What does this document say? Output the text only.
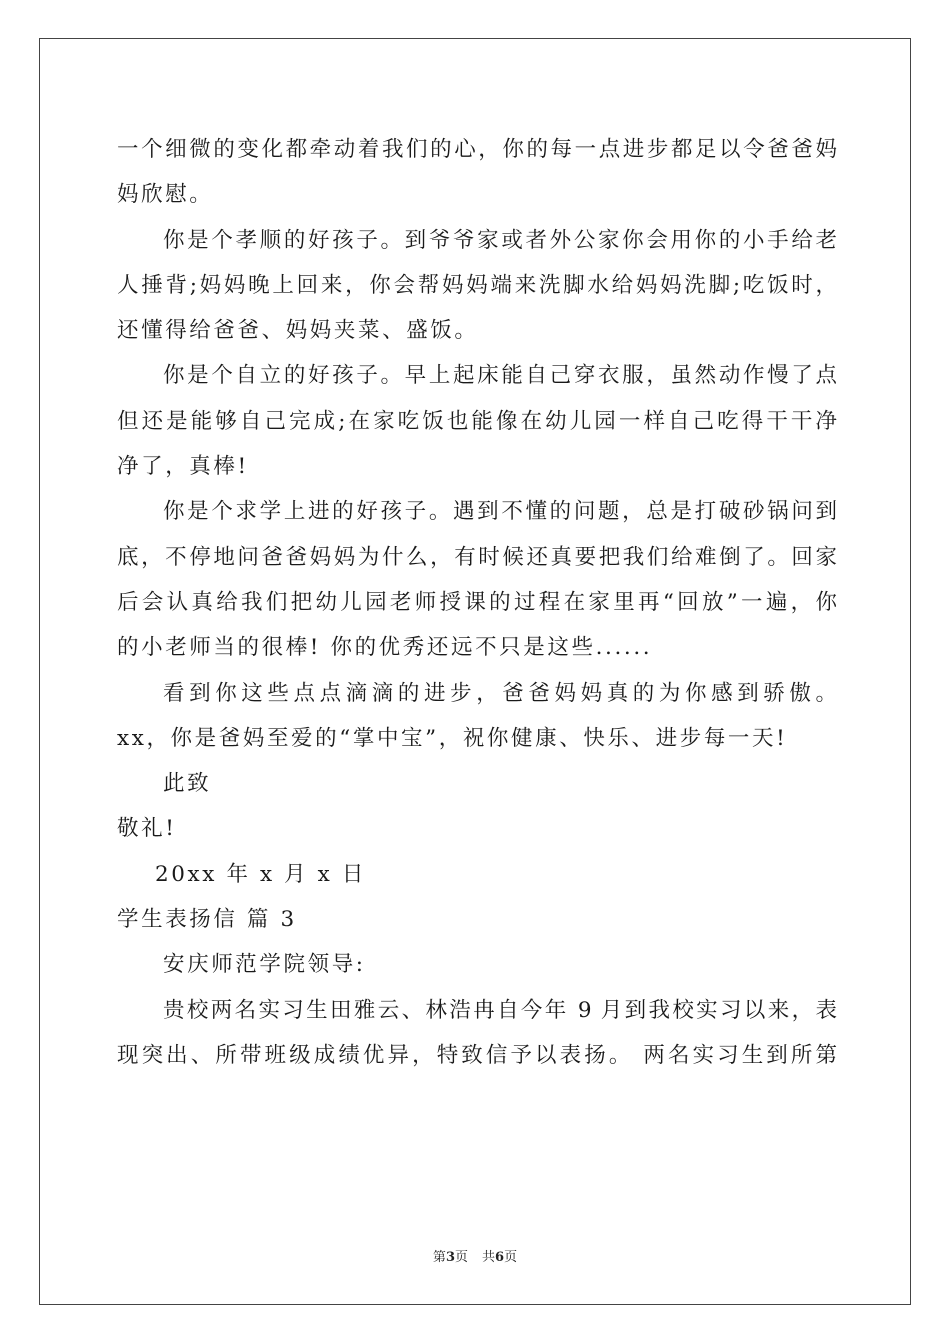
一个细微的变化都牵动着我们的心，你的每一点进步都足以令爸爸妈
妈欣慰。
你是个孝顺的好孩子。到爷爷家或者外公家你会用你的小手给老
人捶背;妈妈晚上回来，你会帮妈妈端来洗脚水给妈妈洗脚;吃饭时，
还懂得给爸爸、妈妈夹菜、盛饭。
你是个自立的好孩子。早上起床能自己穿衣服，虽然动作慢了点
但还是能够自己完成;在家吃饭也能像在幼儿园一样自己吃得干干净
净了，真棒!
你是个求学上进的好孩子。遇到不懂的问题，总是打破砂锅问到
底，不停地问爸爸妈妈为什么，有时候还真要把我们给难倒了。回家
后会认真给我们把幼儿园老师授课的过程在家里再“回放”一遍，你
的小老师当的很棒! 你的优秀还远不只是这些......
看到你这些点点滴滴的进步，爸爸妈妈真的为你感到骄傲。
xx，你是爸妈至爱的“掌中宝”，祝你健康、快乐、进步每一天!
此致
敬礼!
20xx 年 x 月 x 日
学生表扬信 篇 3
安庆师范学院领导:
贵校两名实习生田雅云、林浩冉自今年 9 月到我校实习以来，表
现突出、所带班级成绩优异，特致信予以表扬。 两名实习生到所第
第3页 共6页
